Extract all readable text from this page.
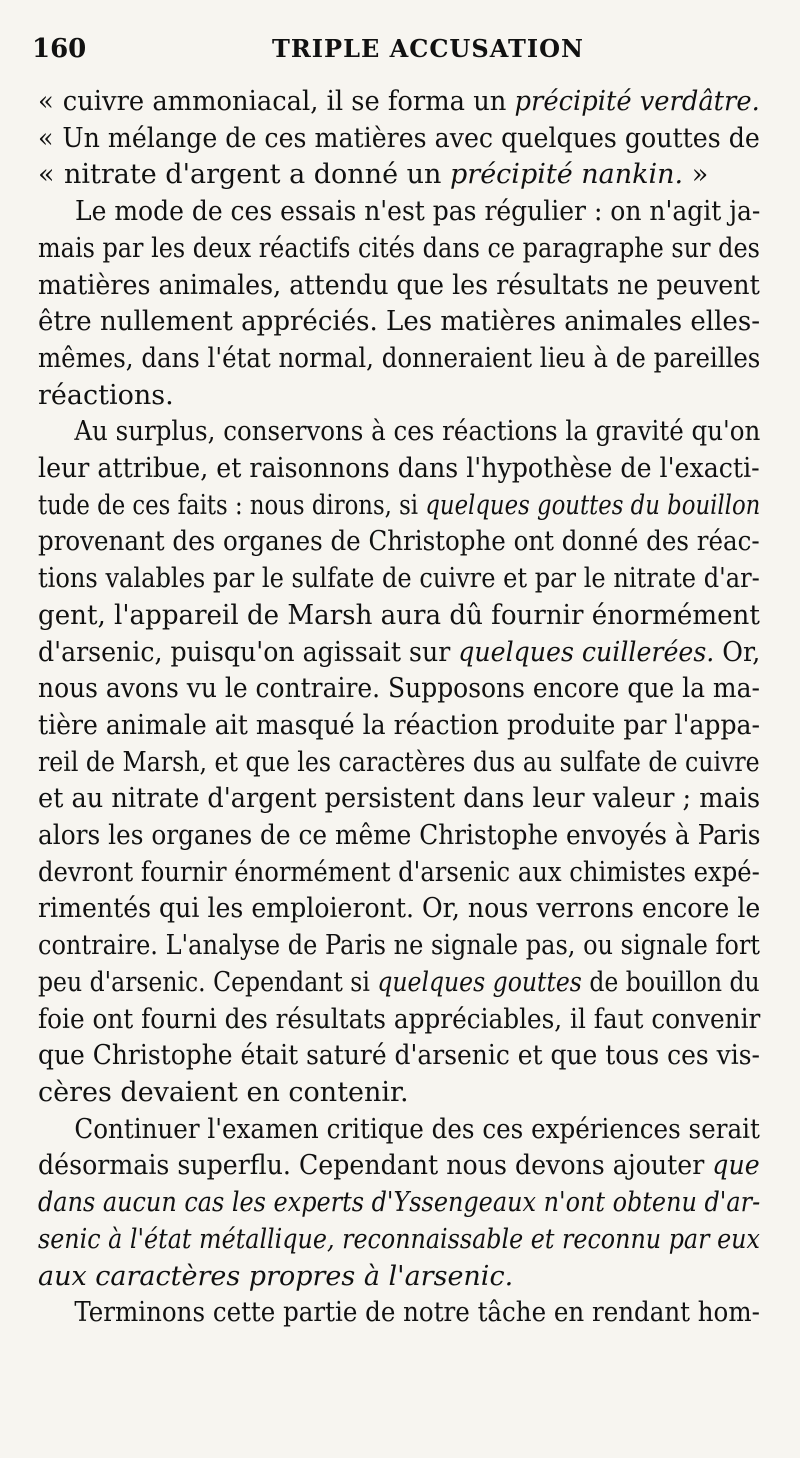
160	TRIPLE ACCUSATION
« cuivre ammoniacal, il se forma un précipité verdâtre.
« Un mélange de ces matières avec quelques gouttes de
« nitrate d'argent a donné un précipité nankin. »
Le mode de ces essais n'est pas régulier : on n'agit ja-
mais par les deux réactifs cités dans ce paragraphe sur des
matières animales, attendu que les résultats ne peuvent
être nullement appréciés. Les matières animales elles-
mêmes, dans l'état normal, donneraient lieu à de pareilles
réactions.
Au surplus, conservons à ces réactions la gravité qu'on
leur attribue, et raisonnons dans l'hypothèse de l'exacti-
tude de ces faits : nous dirons, si quelques gouttes du bouillon
provenant des organes de Christophe ont donné des réac-
tions valables par le sulfate de cuivre et par le nitrate d'ar-
gent, l'appareil de Marsh aura dû fournir énormément
d'arsenic, puisqu'on agissait sur quelques cuillerées. Or,
nous avons vu le contraire. Supposons encore que la ma-
tière animale ait masqué la réaction produite par l'appa-
reil de Marsh, et que les caractères dus au sulfate de cuivre
et au nitrate d'argent persistent dans leur valeur ; mais
alors les organes de ce même Christophe envoyés à Paris
devront fournir énormément d'arsenic aux chimistes expé-
rimentés qui les emploieront. Or, nous verrons encore le
contraire. L'analyse de Paris ne signale pas, ou signale fort
peu d'arsenic. Cependant si quelques gouttes de bouillon du
foie ont fourni des résultats appréciables, il faut convenir
que Christophe était saturé d'arsenic et que tous ces vis-
cères devaient en contenir.
Continuer l'examen critique des ces expériences serait
désormais superflu. Cependant nous devons ajouter que
dans aucun cas les experts d'Yssengeaux n'ont obtenu d'ar-
senic à l'état métallique, reconnaissable et reconnu par eux
aux caractères propres à l'arsenic.
Terminons cette partie de notre tâche en rendant hom-
